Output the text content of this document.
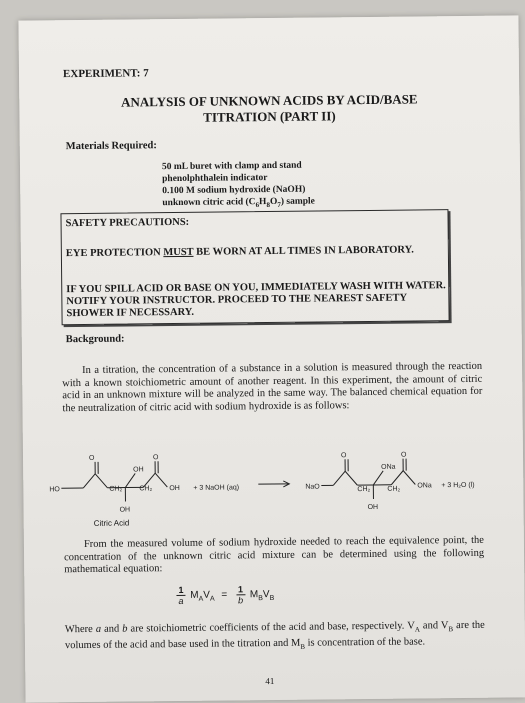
EXPERIMENT: 7
ANALYSIS OF UNKNOWN ACIDS BY ACID/BASE
TITRATION (PART II)
Materials Required:
50 mL buret with clamp and stand
phenolphthalein indicator
0.100 M sodium hydroxide (NaOH)
unknown citric acid $(C_6H_8O_7)$ sample

SAFETY PRECAUTIONS:

EYE PROTECTION MUST BE WORN AT ALL TIMES IN LABORATORY.

IF YOU SPILL ACID OR BASE ON YOU, IMMEDIATELY WASH WITH WATER. NOTIFY YOUR INSTRUCTOR. PROCEED TO THE NEAREST SAFETY SHOWER IF NECESSARY.

Background:
In a titration, the concentration of a substance in a solution is measured through the reaction with a known stoichiometric amount of another reagent. In this experiment, the amount of citric acid in an unknown mixture will be analyzed in the same way. The balanced chemical equation for the neutralization of citric acid with sodium hydroxide is as follows:
HO
O
CH₂
OH
OH
CH₂
O
OH + 3 NaOH (aq)	NaO
O
CH₂
OH
ONa
CH₂
O
ONa + 3 H₂O (l)
Citric Acid
From the measured volume of sodium hydroxide needed to reach the equivalence point, the concentration of the unknown citric acid mixture can be determined using the following mathematical equation:
$\frac{1}{a} M_AV_A = \frac{1}{b} M_BV_B$
Where a and b are stoichiometric coefficients of the acid and base, respectively. $V_A$ and $V_B$ are the volumes of the acid and base used in the titration and $M_B$ is concentration of the base.
41
